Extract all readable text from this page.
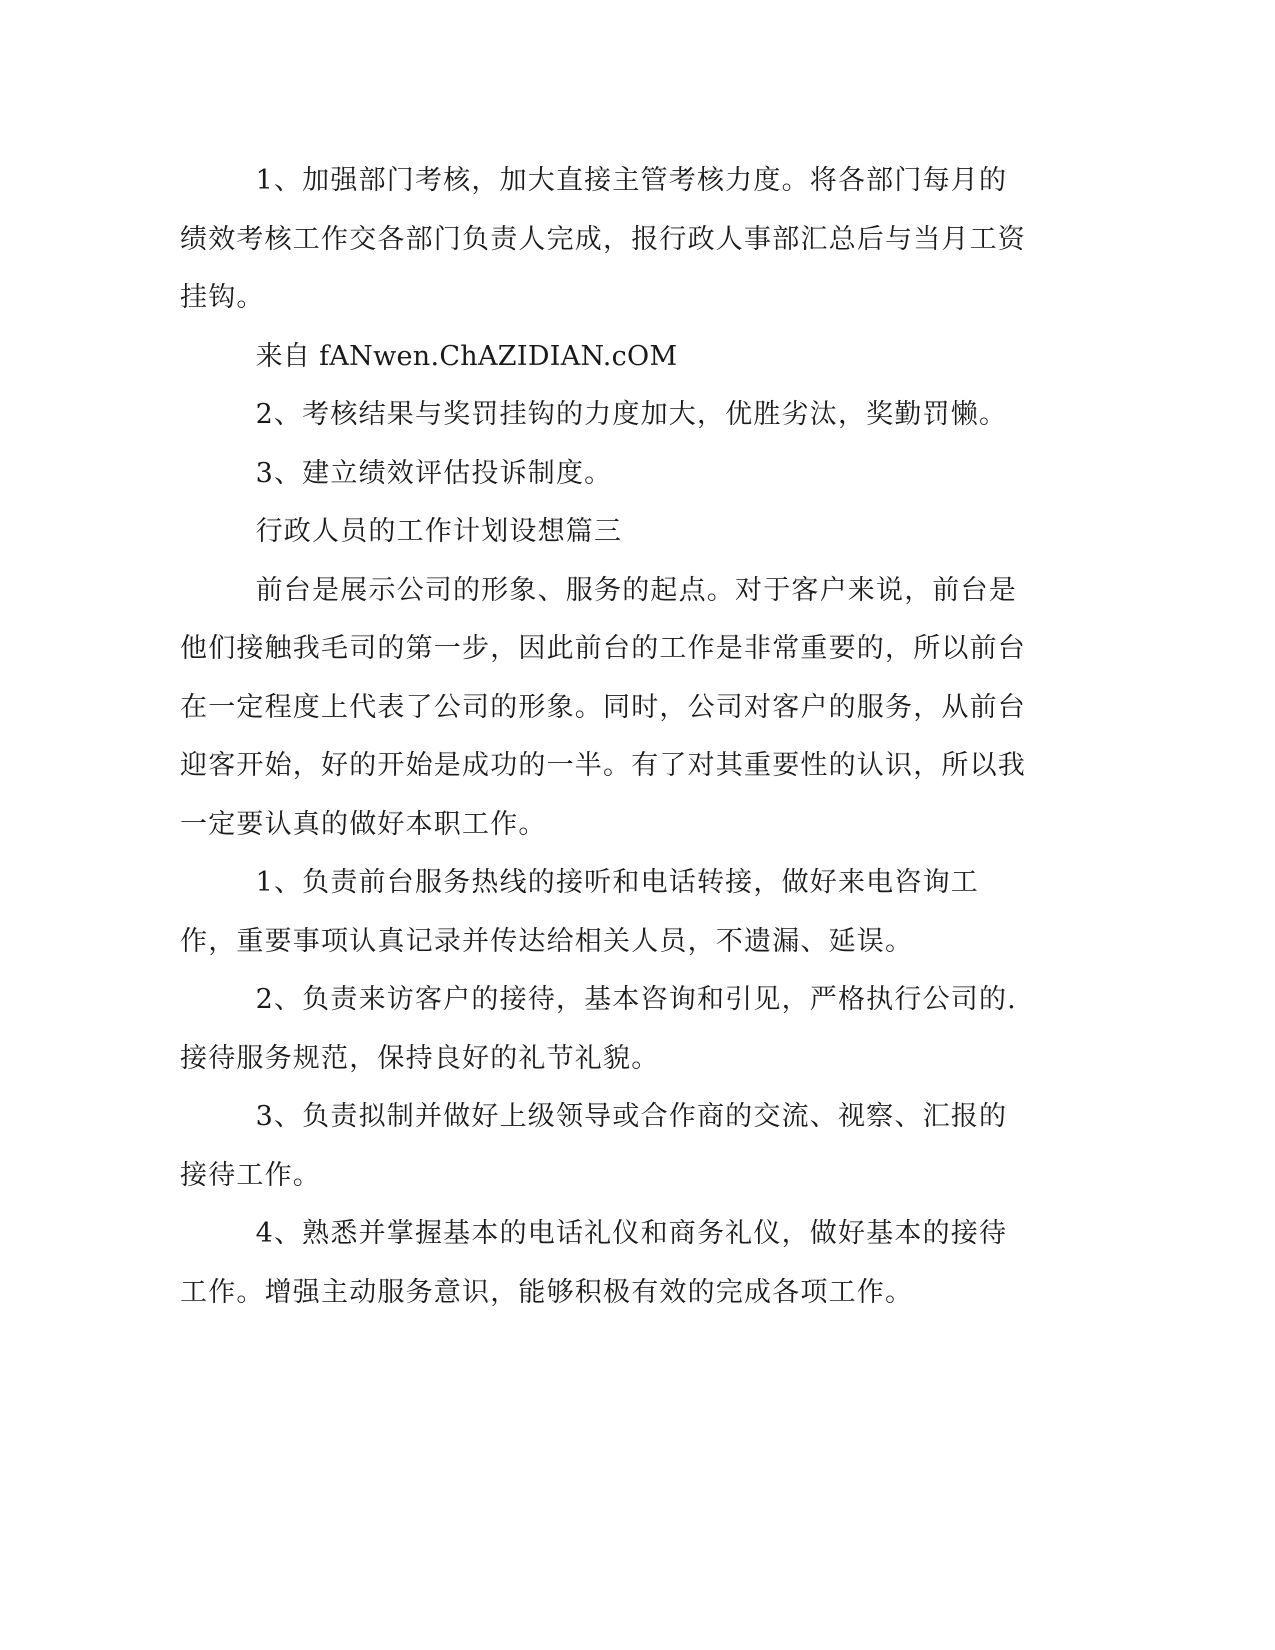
1、加强部门考核，加大直接主管考核力度。将各部门每月的绩效考核工作交各部门负责人完成，报行政人事部汇总后与当月工资挂钩。

来自 fANwen.ChAZIDIAN.cOM

2、考核结果与奖罚挂钩的力度加大，优胜劣汰，奖勤罚懒。

3、建立绩效评估投诉制度。

行政人员的工作计划设想篇三

前台是展示公司的形象、服务的起点。对于客户来说，前台是他们接触我毛司的第一步，因此前台的工作是非常重要的，所以前台在一定程度上代表了公司的形象。同时，公司对客户的服务，从前台迎客开始，好的开始是成功的一半。有了对其重要性的认识，所以我一定要认真的做好本职工作。

1、负责前台服务热线的接听和电话转接，做好来电咨询工作，重要事项认真记录并传达给相关人员，不遗漏、延误。

2、负责来访客户的接待，基本咨询和引见，严格执行公司的.接待服务规范，保持良好的礼节礼貌。

3、负责拟制并做好上级领导或合作商的交流、视察、汇报的接待工作。

4、熟悉并掌握基本的电话礼仪和商务礼仪，做好基本的接待工作。增强主动服务意识，能够积极有效的完成各项工作。
